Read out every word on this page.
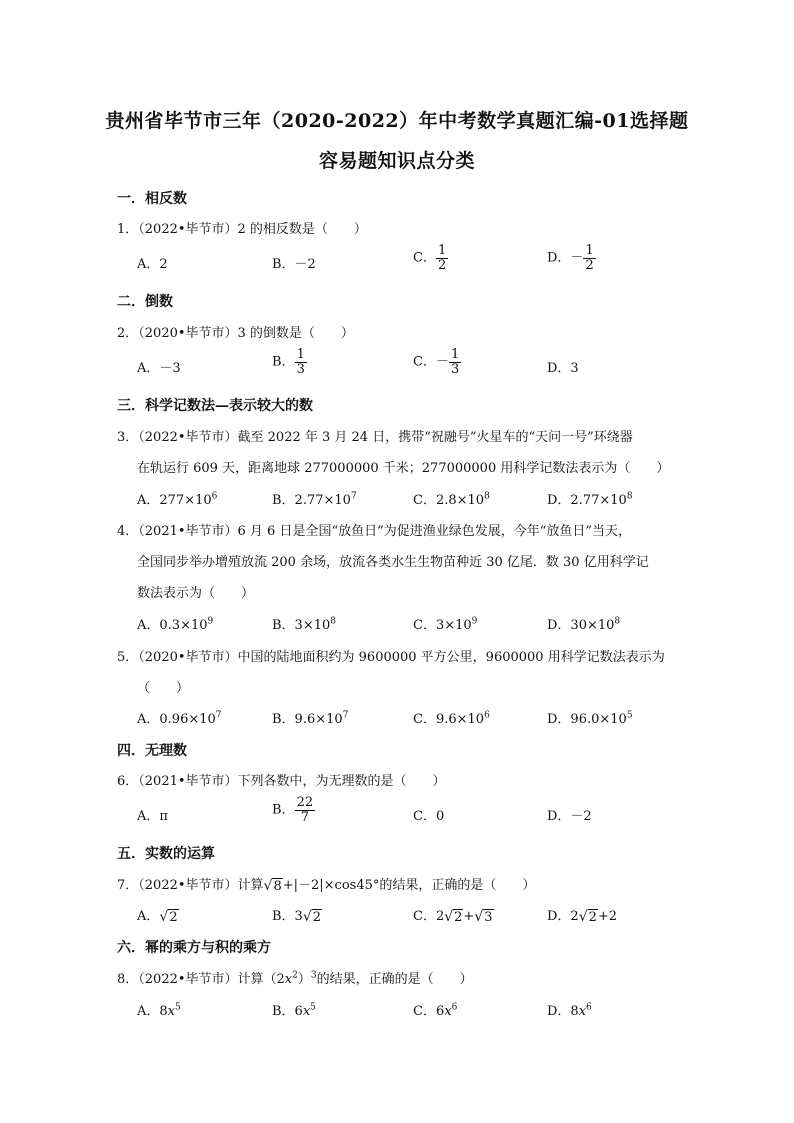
贵州省毕节市三年（2020-2022）年中考数学真题汇编-01选择题
容易题知识点分类
一．相反数
1．（2022•毕节市）2 的相反数是（　　）
A．2	B．－2	C． $\frac{1}{2}$	D．－ $\frac{1}{2}$
二．倒数
2．（2020•毕节市）3 的倒数是（　　）
A．－3	B． $\frac{1}{3}$	C．－ $\frac{1}{3}$	D．3
三．科学记数法—表示较大的数
3．（2022•毕节市）截至 2022 年 3 月 24 日，携带“祝融号”火星车的“天问一号”环绕器
在轨运行 609 天，距离地球 277000000 千米；277000000 用科学记数法表示为（　　）
A．$277\times 10^6$	B．$2.77\times 10^7$	C．$2.8\times 10^8$	D．$2.77\times 10^8$
4．（2021•毕节市）6 月 6 日是全国“放鱼日”为促进渔业绿色发展，今年“放鱼日”当天，
全国同步举办增殖放流 200 余场，放流各类水生生物苗种近 30 亿尾．数 30 亿用科学记
数法表示为（　　）
A．$0.3\times 10^9$	B．$3\times 10^8$	C．$3\times 10^9$	D．$30\times 10^8$
5．（2020•毕节市）中国的陆地面积约为 9600000 平方公里，9600000 用科学记数法表示为
（　　）
A．$0.96\times 10^7$	B．$9.6\times 10^7$	C．$9.6\times 10^6$	D．$96.0\times 10^5$
四．无理数
6．（2021•毕节市）下列各数中，为无理数的是（　　）
A．π	B． $\frac{22}{7}$	C．0	D．－2
五．实数的运算
7．（2022•毕节市）计算√8+|－2|×cos45°的结果，正确的是（　　）
A．√2	B．3√2	C．2√2+√3	D．2√2+2
六．幂的乘方与积的乘方
8．（2022•毕节市）计算$(2x^2)^3$的结果，正确的是（　　）
A．$8x^5$	B．$6x^5$	C．$6x^6$	D．$8x^6$
